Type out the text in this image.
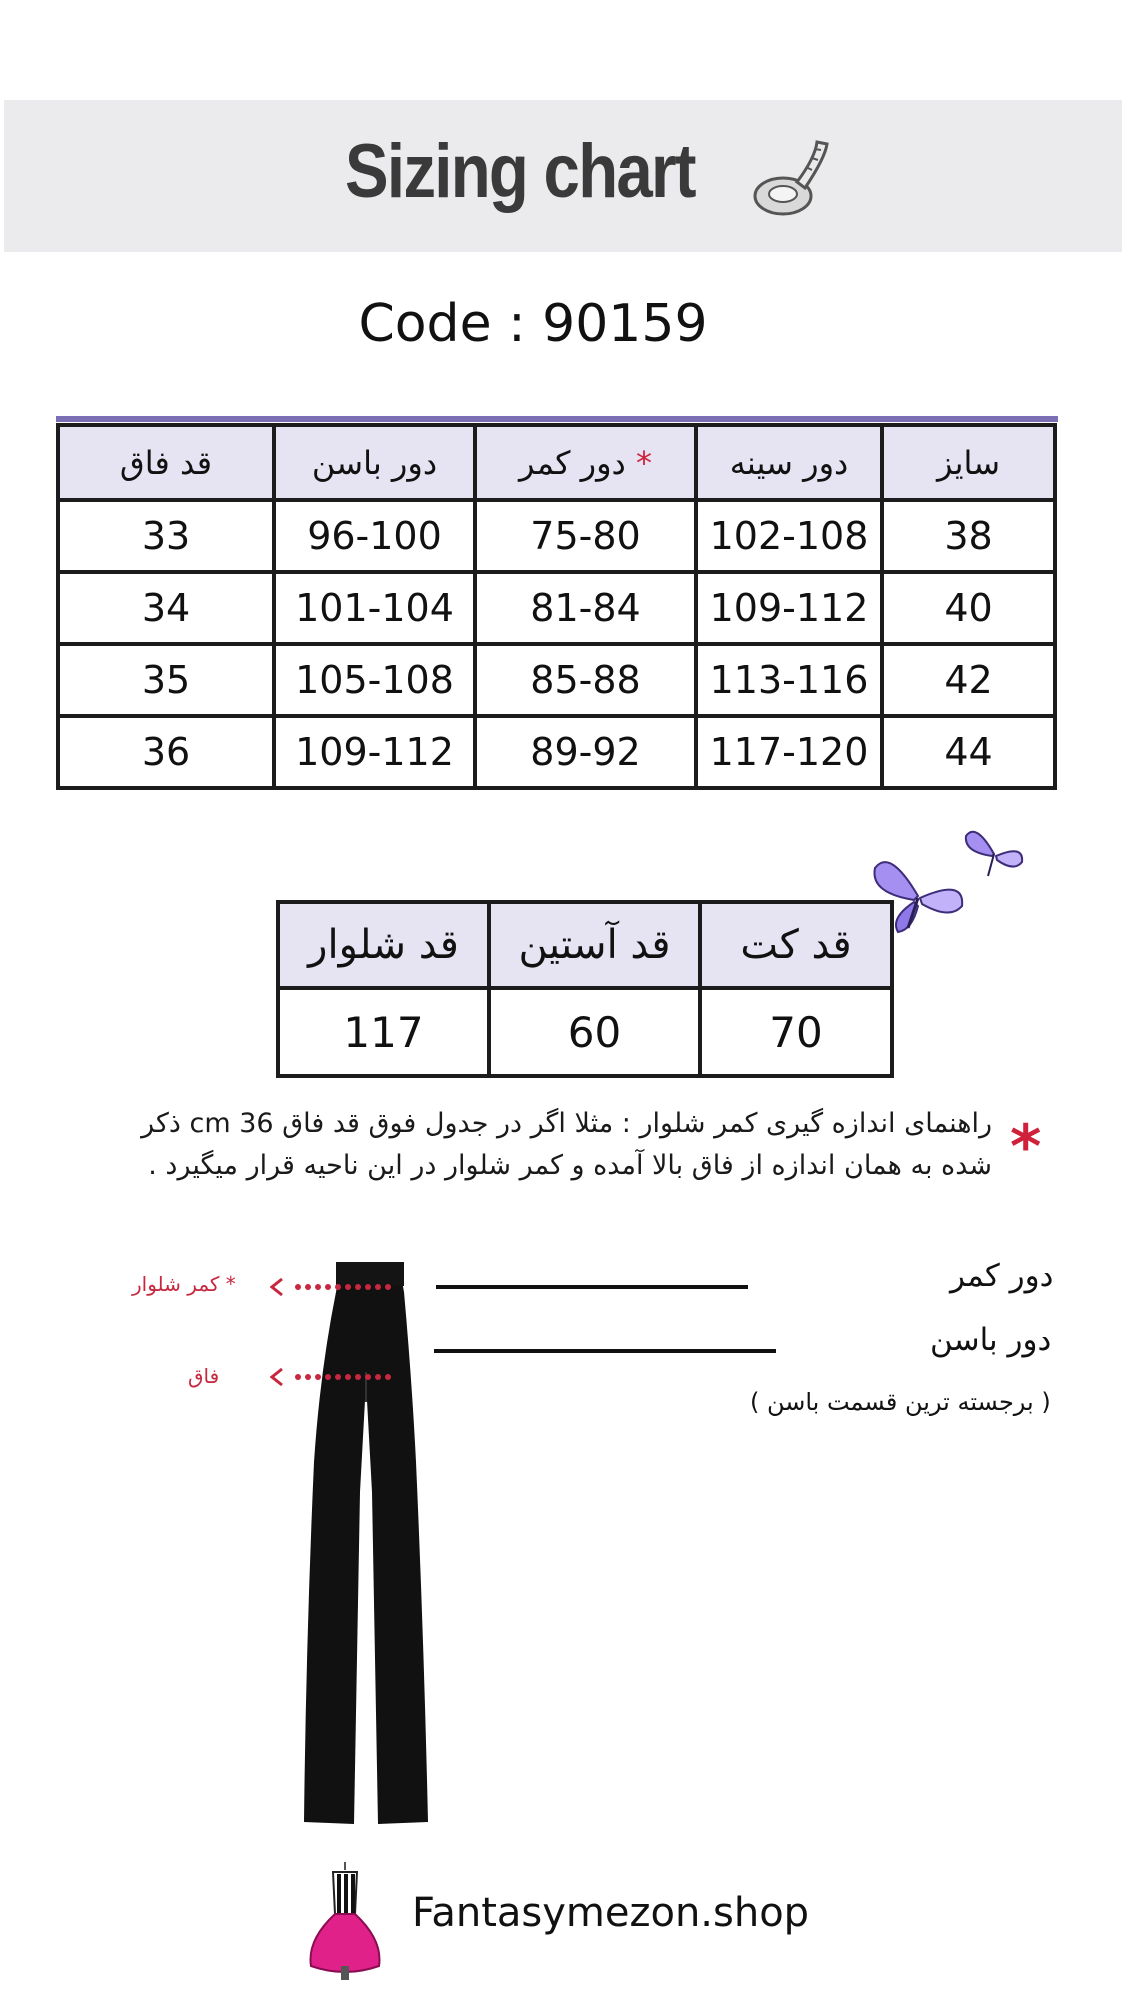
Sizing chart
Code : 90159
قد فاق	دور باسن	دور کمر *	دور سینه	سایز
33	96-100	75-80	102-108	38
34	101-104	81-84	109-112	40
35	105-108	85-88	113-116	42
36	109-112	89-92	117-120	44
قد شلوار	قد آستین	قد کت
117	60	70
*
راهنمای اندازه گیری کمر شلوار : مثلا اگر در جدول فوق قد فاق 36 cm ذکر
شده به همان اندازه از فاق بالا آمده و کمر شلوار در این ناحیه قرار میگیرد .
* کمر شلوار
فاق
دور کمر
دور باسن
( برجسته ترین قسمت باسن )
Fantasymezon.shop
